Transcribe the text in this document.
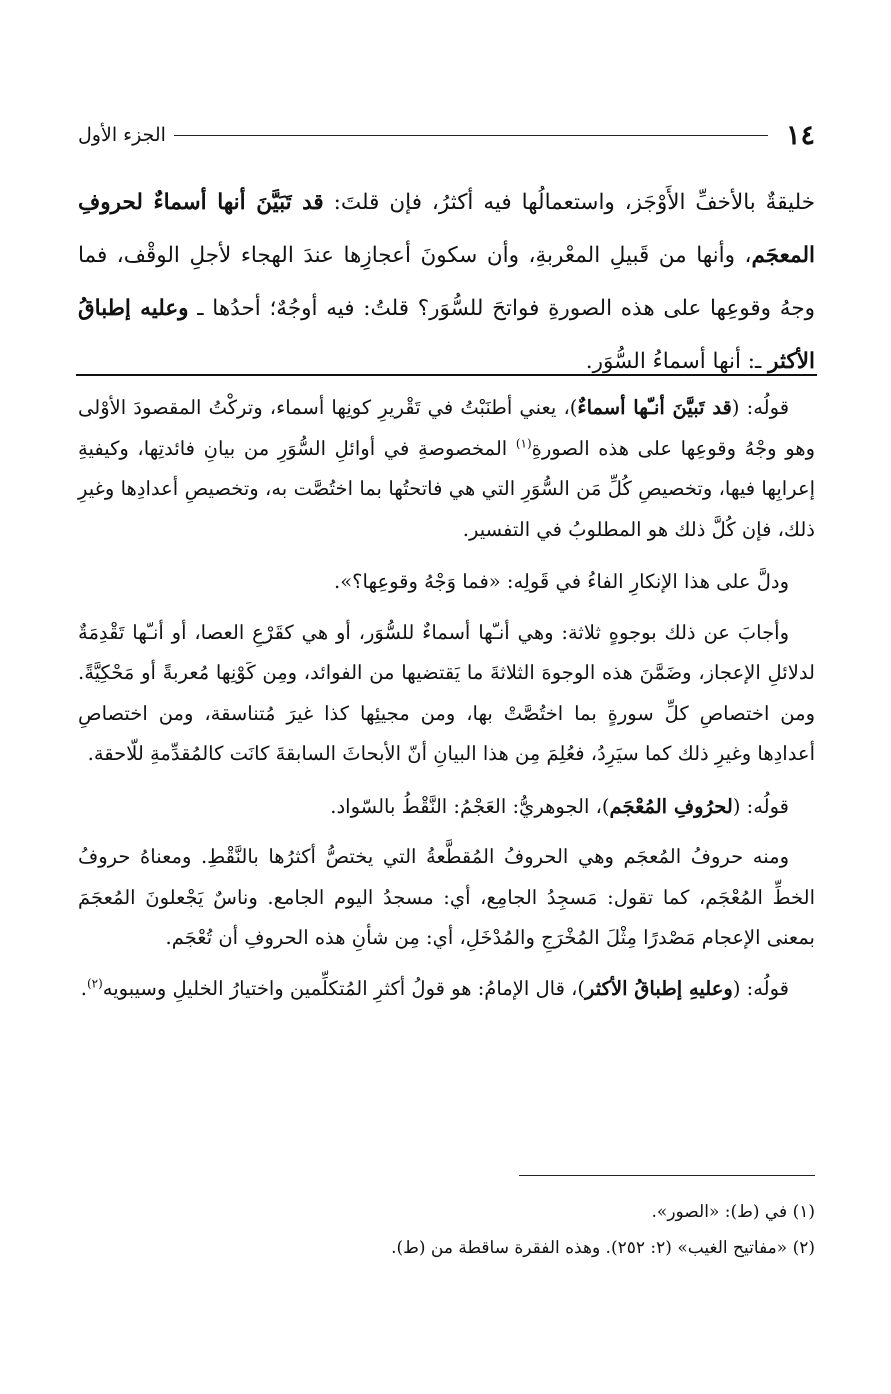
١٤
الجزء الأول
خليقةٌ بالأخفِّ الأَوْجَز، واستعمالُها فيه أكثرُ، فإن قلتَ: قد تَبَيَّنَ أنها أسماءٌ لحروفِ المعجَم، وأنها من قَبيلِ المعْربةِ، وأن سكونَ أعجازِها عندَ الهجاء لأجلِ الوقْف، فما وجهُ وقوعِها على هذه الصورةِ فواتحَ للسُّوَر؟ قلتُ: فيه أوجُهٌ؛ أحدُها ـ وعليه إطباقُ الأكثر ـ: أنها أسماءُ السُّوَر.

قولُه: (قد تَبيَّنَ أنـّها أسماءٌ)، يعني أطنَبْتُ في تَقْريرِ كونِها أسماء، وتركْتُ المقصودَ الأوْلى وهو وجْهُ وقوعِها على هذه الصورةِ$^{(١)}$ المخصوصةِ في أوائلِ السُّوَرِ من بيانِ فائدتِها، وكيفيةِ إعرابِها فيها، وتخصيصِ كُلِّ مَن السُّوَرِ التي هي فاتحتُها بما اختُصَّت به، وتخصيصِ أعدادِها وغيرِ ذلك، فإن كُلَّ ذلك هو المطلوبُ في التفسير.

ودلَّ على هذا الإنكارِ الفاءُ في قَولِه: «فما وَجْهُ وقوعِها؟».

وأجابَ عن ذلك بوجوهٍ ثلاثة: وهي أنـّها أسماءٌ للسُّوَر، أو هي كقَرْعِ العصا، أو أنـّها تَقْدِمَةٌ لدلائلِ الإعجاز، وضَمَّنَ هذه الوجوهَ الثلاثةَ ما يَقتضيها من الفوائد، ومِن كَوْنِها مُعربةً أو مَحْكِيَّةً. ومن اختصاصِ كلِّ سورةٍ بما اختُصَّتْ بها، ومن مجيئِها كذا غيرَ مُتناسقة، ومن اختصاصِ أعدادِها وغيرِ ذلك كما سيَرِدُ، فعُلِمَ مِن هذا البيانِ أنّ الأبحاثَ السابقةَ كانَت كالمُقدِّمةِ للّاحقة.

قولُه: (لحرُوفِ المُعْجَم)، الجوهريُّ: العَجْمُ: النَّقْطُ بالسّواد.

ومنه حروفُ المُعجَم وهي الحروفُ المُقطَّعةُ التي يختصُّ أكثرُها بالنَّقْطِ. ومعناهُ حروفُ الخطِّ المُعْجَم، كما تقول: مَسجِدُ الجامِع، أي: مسجدُ اليوم الجامع. وناسٌ يَجْعلونَ المُعجَمَ بمعنى الإعجام مَصْدرًا مِثْلَ المُخْرَجِ والمُدْخَلِ، أي: مِن شأنِ هذه الحروفِ أن تُعْجَم.

قولُه: (وعليهِ إطباقُ الأكثر)، قال الإمامُ: هو قولُ أكثرِ المُتكلِّمين واختيارُ الخليلِ وسيبويه$^{(٢)}$.

(١) في (ط): «الصور».

(٢) «مفاتيح الغيب» (٢: ٢٥٢). وهذه الفقرة ساقطة من (ط).
